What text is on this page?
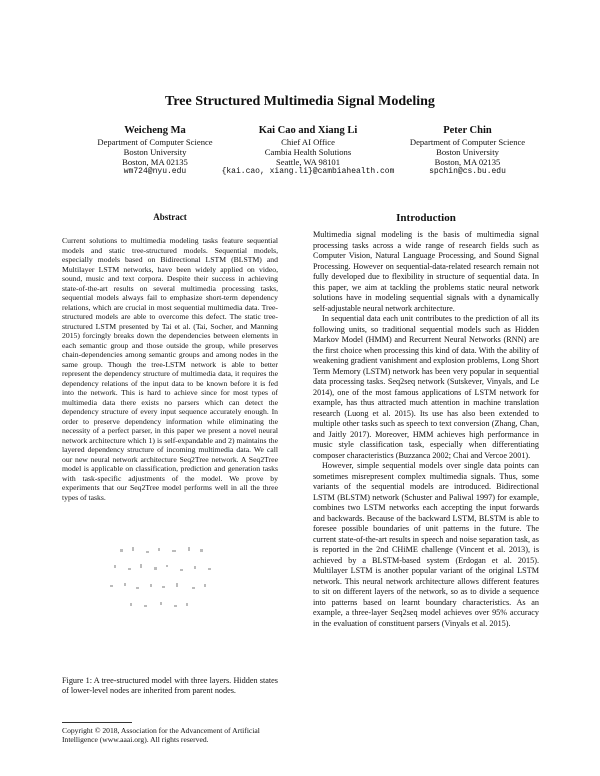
Tree Structured Multimedia Signal Modeling
Weicheng Ma
Department of Computer Science
Boston University
Boston, MA 02135
wm724@nyu.edu
Kai Cao and Xiang Li
Chief AI Office
Cambia Health Solutions
Seattle, WA 98101
{kai.cao, xiang.li}@cambiahealth.com
Peter Chin
Department of Computer Science
Boston University
Boston, MA 02135
spchin@cs.bu.edu
Abstract

Current solutions to multimedia modeling tasks feature sequential models and static tree-structured models. Sequential models, especially models based on Bidirectional LSTM (BLSTM) and Multilayer LSTM networks, have been widely applied on video, sound, music and text corpora. Despite their success in achieving state-of-the-art results on several multimedia processing tasks, sequential models always fail to emphasize short-term dependency relations, which are crucial in most sequential multimedia data. Tree-structured models are able to overcome this defect. The static tree-structured LSTM presented by Tai et al. (Tai, Socher, and Manning 2015) forcingly breaks down the dependencies between elements in each semantic group and those outside the group, while preserves chain-dependencies among semantic groups and among nodes in the same group. Though the tree-LSTM network is able to better represent the dependency structure of multimedia data, it requires the dependency relations of the input data to be known before it is fed into the network. This is hard to achieve since for most types of multimedia data there exists no parsers which can detect the dependency structure of every input sequence accurately enough. In order to preserve dependency information while eliminating the necessity of a perfect parser, in this paper we present a novel neural network architecture which 1) is self-expandable and 2) maintains the layered dependency structure of incoming multimedia data. We call our new neural network architecture Seq2Tree network. A Seq2Tree model is applicable on classification, prediction and generation tasks with task-specific adjustments of the model. We prove by experiments that our Seq2Tree model performs well in all the three types of tasks.

Figure 1: A tree-structured model with three layers. Hidden states of lower-level nodes are inherited from parent nodes.

Copyright © 2018, Association for the Advancement of Artificial Intelligence (www.aaai.org). All rights reserved.

Introduction

Multimedia signal modeling is the basis of multimedia signal processing tasks across a wide range of research fields such as Computer Vision, Natural Language Processing, and Sound Signal Processing. However on sequential-data-related research remain not fully developed due to flexibility in structure of sequential data. In this paper, we aim at tackling the problems static neural network solutions have in modeling sequential signals with a dynamically self-adjustable neural network architecture.

In sequential data each unit contributes to the prediction of all its following units, so traditional sequential models such as Hidden Markov Model (HMM) and Recurrent Neural Networks (RNN) are the first choice when processing this kind of data. With the ability of weakening gradient vanishment and explosion problems, Long Short Term Memory (LSTM) network has been very popular in sequential data processing tasks. Seq2seq network (Sutskever, Vinyals, and Le 2014), one of the most famous applications of LSTM network for example, has thus attracted much attention in machine translation research (Luong et al. 2015). Its use has also been extended to multiple other tasks such as speech to text conversion (Zhang, Chan, and Jaitly 2017). Moreover, HMM achieves high performance in music style classification task, especially when differentiating composer characteristics (Buzzanca 2002; Chai and Vercoe 2001).

However, simple sequential models over single data points can sometimes misrepresent complex multimedia signals. Thus, some variants of the sequential models are introduced. Bidirectional LSTM (BLSTM) network (Schuster and Paliwal 1997) for example, combines two LSTM networks each accepting the input forwards and backwards. Because of the backward LSTM, BLSTM is able to foresee possible boundaries of unit patterns in the future. The current state-of-the-art results in speech and noise separation task, as is reported in the 2nd CHiME challenge (Vincent et al. 2013), is achieved by a BLSTM-based system (Erdogan et al. 2015). Multilayer LSTM is another popular variant of the original LSTM network. This neural network architecture allows different features to sit on different layers of the network, so as to divide a sequence into patterns based on learnt boundary characteristics. As an example, a three-layer Seq2seq model achieves over 95% accuracy in the evaluation of constituent parsers (Vinyals et al. 2015).
